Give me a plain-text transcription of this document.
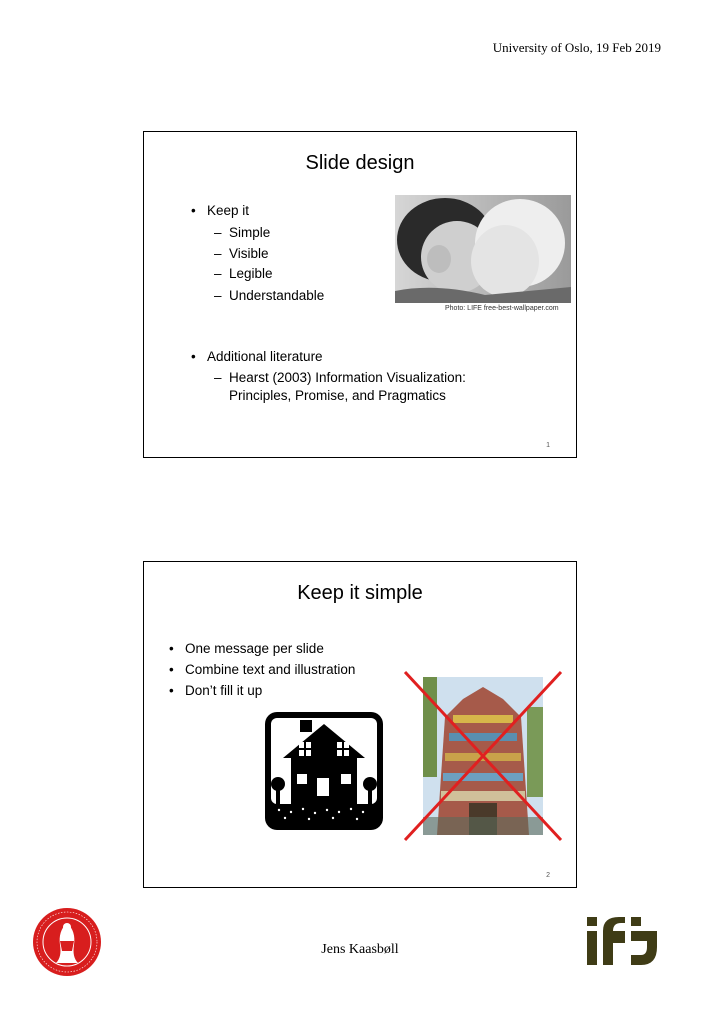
University of Oslo, 19 Feb 2019
Slide design
• Keep it
– Simple
– Visible
– Legible
– Understandable
Photo: LIFE free-best-wallpaper.com
• Additional literature
– Hearst (2003) Information Visualization:
Principles, Promise, and Pragmatics
1
Keep it simple
• One message per slide
• Combine text and illustration
• Don’t fill it up
2
Jens Kaasbøll
